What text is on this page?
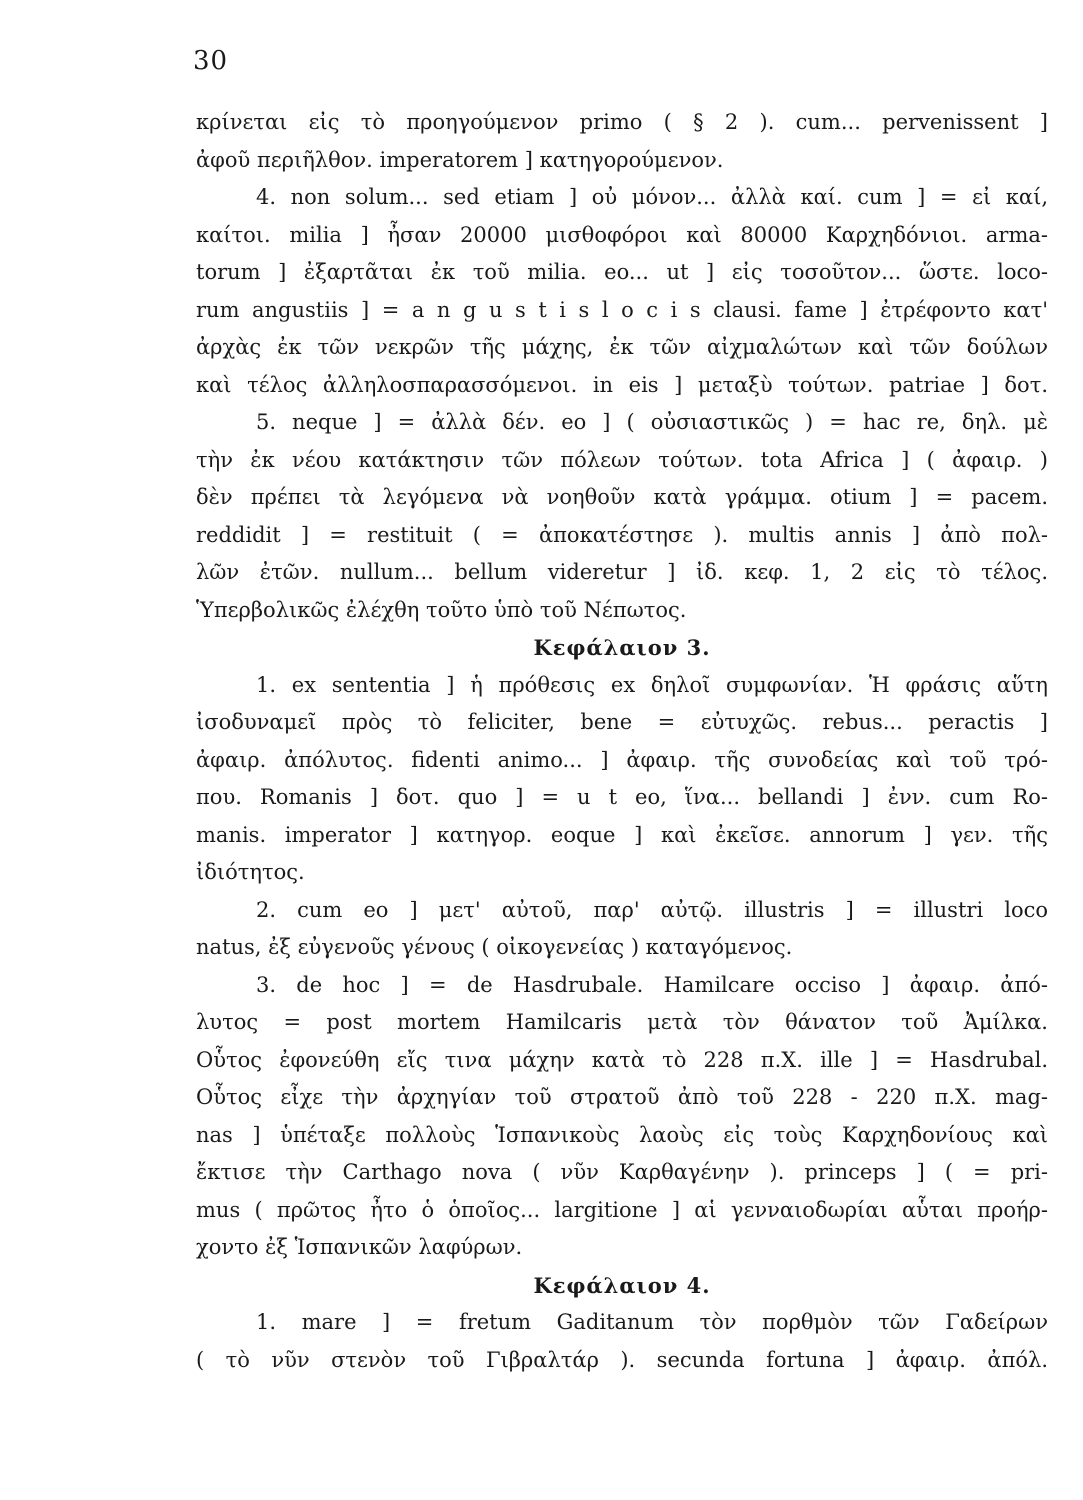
30
κρίνεται εἰς τὸ προηγούμενον primo ( § 2 ). cum... pervenissent ]
ἀφοῦ περιῆλθον. imperatorem ] κατηγορούμενον.
4. non solum... sed etiam ] οὐ μόνον... ἀλλὰ καί. cum ] = εἰ καί,
καίτοι. milia ] ἦσαν 20000 μισθοφόροι καὶ 80000 Καρχηδόνιοι. arma-
torum ] ἐξαρτᾶται ἐκ τοῦ milia. eo... ut ] εἰς τοσοῦτον... ὥστε. loco-
rum angustiis ] = a n g u s t i s l o c i s clausi. fame ] ἐτρέφοντο κατ'
ἀρχὰς ἐκ τῶν νεκρῶν τῆς μάχης, ἐκ τῶν αἰχμαλώτων καὶ τῶν δούλων
καὶ τέλος ἀλληλοσπαρασσόμενοι. in eis ] μεταξὺ τούτων. patriae ] δοτ.
5. neque ] = ἀλλὰ δέν. eo ] ( οὐσιαστικῶς ) = hac re, δηλ. μὲ
τὴν ἐκ νέου κατάκτησιν τῶν πόλεων τούτων. tota Africa ] ( ἀφαιρ. )
δὲν πρέπει τὰ λεγόμενα νὰ νοηθοῦν κατὰ γράμμα. otium ] = pacem.
reddidit ] = restituit ( = ἀποκατέστησε ). multis annis ] ἀπὸ πολ-
λῶν ἐτῶν. nullum... bellum videretur ] ἰδ. κεφ. 1, 2 εἰς τὸ τέλος.
Ὑπερβολικῶς ἐλέχθη τοῦτο ὑπὸ τοῦ Νέπωτος.
Κεφάλαιον 3.
1. ex sententia ] ἡ πρόθεσις ex δηλοῖ συμφωνίαν. Ἡ φράσις αὕτη
ἰσοδυναμεῖ πρὸς τὸ feliciter, bene = εὐτυχῶς. rebus... peractis ]
ἀφαιρ. ἀπόλυτος. fidenti animo... ] ἀφαιρ. τῆς συνοδείας καὶ τοῦ τρό-
που. Romanis ] δοτ. quo ] = u t eo, ἵνα... bellandi ] ἐνν. cum Ro-
manis. imperator ] κατηγορ. eoque ] καὶ ἐκεῖσε. annorum ] γεν. τῆς
ἰδιότητος.
2. cum eo ] μετ' αὐτοῦ, παρ' αὐτῷ. illustris ] = illustri loco
natus, ἐξ εὐγενοῦς γένους ( οἰκογενείας ) καταγόμενος.
3. de hoc ] = de Hasdrubale. Hamilcare occiso ] ἀφαιρ. ἀπό-
λυτος = post mortem Hamilcaris μετὰ τὸν θάνατον τοῦ Ἀμίλκα.
Οὗτος ἐφονεύθη εἴς τινα μάχην κατὰ τὸ 228 π.Χ. ille ] = Hasdrubal.
Οὗτος εἶχε τὴν ἀρχηγίαν τοῦ στρατοῦ ἀπὸ τοῦ 228 - 220 π.Χ. mag-
nas ] ὑπέταξε πολλοὺς Ἱσπανικοὺς λαοὺς εἰς τοὺς Καρχηδονίους καὶ
ἔκτισε τὴν Carthago nova ( νῦν Καρθαγένην ). princeps ] ( = pri-
mus ( πρῶτος ἦτο ὁ ὁποῖος... largitione ] αἱ γενναιοδωρίαι αὗται προήρ-
χοντο ἐξ Ἱσπανικῶν λαφύρων.
Κεφάλαιον 4.
1. mare ] = fretum Gaditanum τὸν πορθμὸν τῶν Γαδείρων
( τὸ νῦν στενὸν τοῦ Γιβραλτάρ ). secunda fortuna ] ἀφαιρ. ἀπόλ.
